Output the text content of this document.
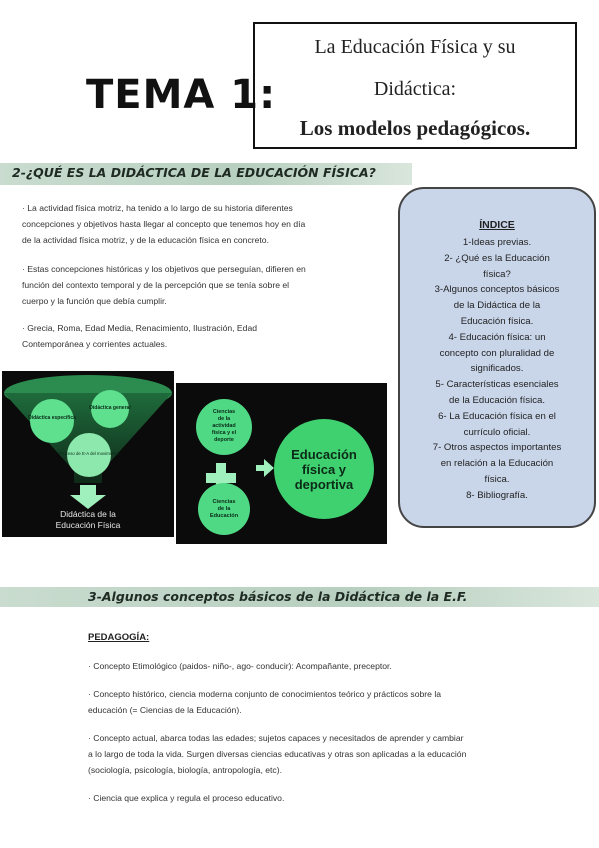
TEMA 1:
La Educación Física y su
Didáctica:
Los modelos pedagógicos.
2-¿QUÉ ES LA DIDÁCTICA DE LA EDUCACIÓN FÍSICA?
· La actividad física motriz, ha tenido a lo largo de su historia diferentes
concepciones y objetivos hasta llegar al concepto que tenemos hoy en día
de la actividad física motriz, y de la educación física en concreto.
· Estas concepciones históricas y los objetivos que perseguían, difieren en
función del contexto temporal y de la percepción que se tenía sobre el
cuerpo y la función que debía cumplir.
· Grecia, Roma, Edad Media, Renacimiento, Ilustración, Edad
Contemporánea y corrientes actuales.
Didáctica específica
Didáctica general
Proceso de E-A del movimiento
Didáctica de la
Educación Física
Ciencias
de la
actividad
física y el
deporte
Ciencias
de la
Educación
Educación
física y
deportiva
ÍNDICE
1-Ideas previas.
2- ¿Qué es la Educación
física?
3-Algunos conceptos básicos
de la Didáctica de la
Educación física.
4- Educación física: un
concepto con pluralidad de
significados.
5- Características esenciales
de la Educación física.
6- La Educación física en el
currículo oficial.
7- Otros aspectos importantes
en relación a la Educación
física.
8- Bibliografía.
3-Algunos conceptos básicos de la Didáctica de la E.F.
PEDAGOGÍA:
· Concepto Etimológico (paidos- niño-, ago- conducir): Acompañante, preceptor.
· Concepto histórico, ciencia moderna conjunto de conocimientos teórico y prácticos sobre la
educación (= Ciencias de la Educación).
· Concepto actual, abarca todas las edades; sujetos capaces y necesitados de aprender y cambiar
a lo largo de toda la vida. Surgen diversas ciencias educativas y otras son aplicadas a la educación
(sociología, psicología, biología, antropología, etc).
· Ciencia que explica y regula el proceso educativo.
